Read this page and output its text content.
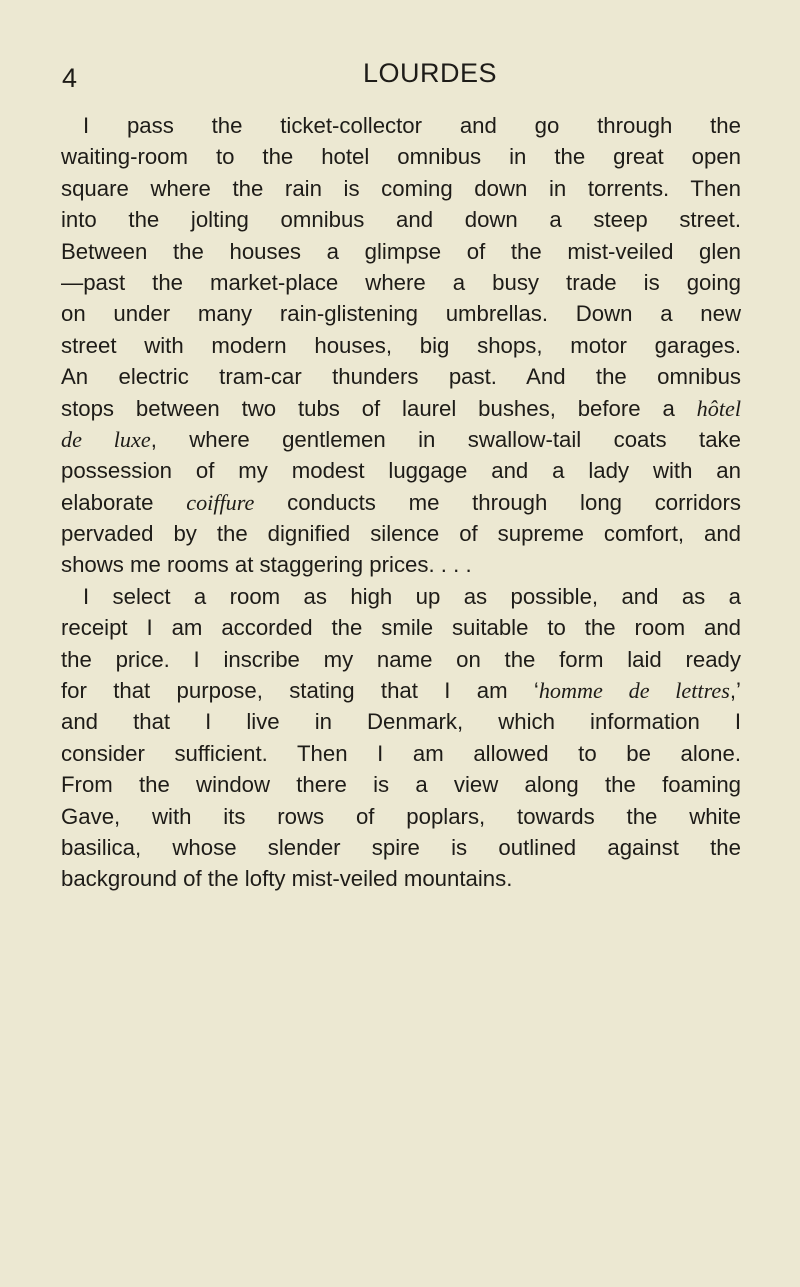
4	LOURDES
I pass the ticket-collector and go through the
waiting-room to the hotel omnibus in the great open
square where the rain is coming down in torrents. Then
into the jolting omnibus and down a steep street.
Between the houses a glimpse of the mist-veiled glen
—past the market-place where a busy trade is going
on under many rain-glistening umbrellas. Down a new
street with modern houses, big shops, motor garages.
An electric tram-car thunders past. And the omnibus
stops between two tubs of laurel bushes, before a hôtel
de luxe, where gentlemen in swallow-tail coats take
possession of my modest luggage and a lady with an
elaborate coiffure conducts me through long corridors
pervaded by the dignified silence of supreme comfort, and
shows me rooms at staggering prices. . . .
I select a room as high up as possible, and as a
receipt I am accorded the smile suitable to the room and
the price. I inscribe my name on the form laid ready
for that purpose, stating that I am ‘homme de lettres,’
and that I live in Denmark, which information I
consider sufficient. Then I am allowed to be alone.
From the window there is a view along the foaming
Gave, with its rows of poplars, towards the white
basilica, whose slender spire is outlined against the
background of the lofty mist-veiled mountains.
